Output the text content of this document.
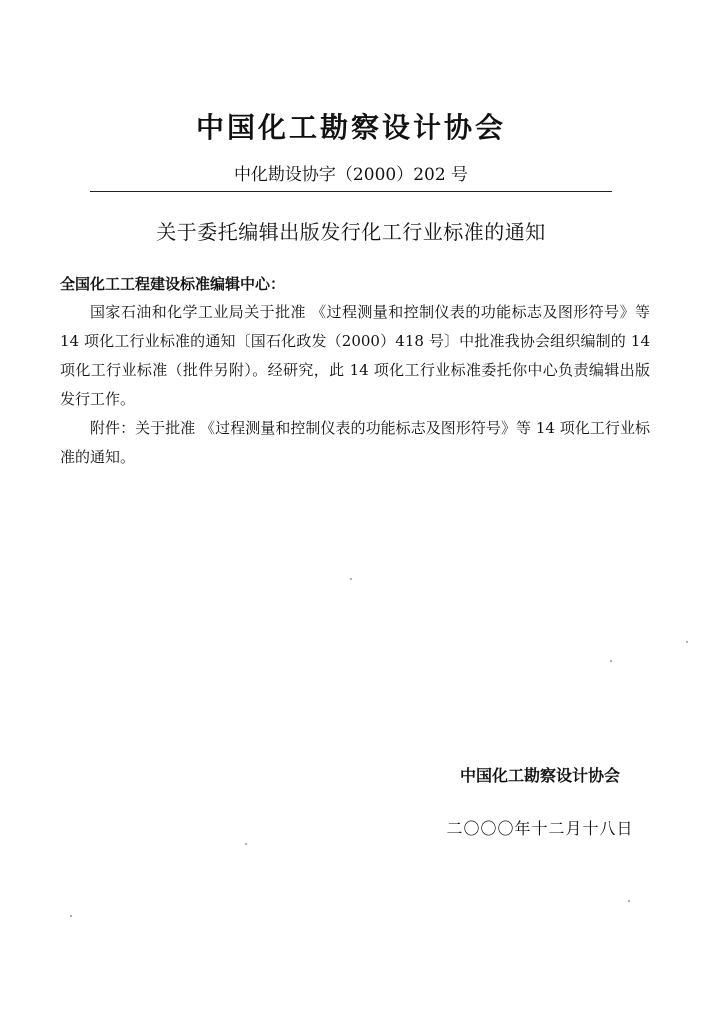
中国化工勘察设计协会
中化勘设协字（2000）202 号
关于委托编辑出版发行化工行业标准的通知
全国化工工程建设标准编辑中心：

国家石油和化学工业局关于批准 《过程测量和控制仪表的功能标志及图形符号》等 14 项化工行业标准的通知〔国石化政发（2000）418 号〕中批准我协会组织编制的 14 项化工行业标准（批件另附）。经研究，此 14 项化工行业标准委托你中心负责编辑出版发行工作。

附件：关于批准 《过程测量和控制仪表的功能标志及图形符号》等 14 项化工行业标准的通知。

中国化工勘察设计协会
二〇〇〇年十二月十八日
